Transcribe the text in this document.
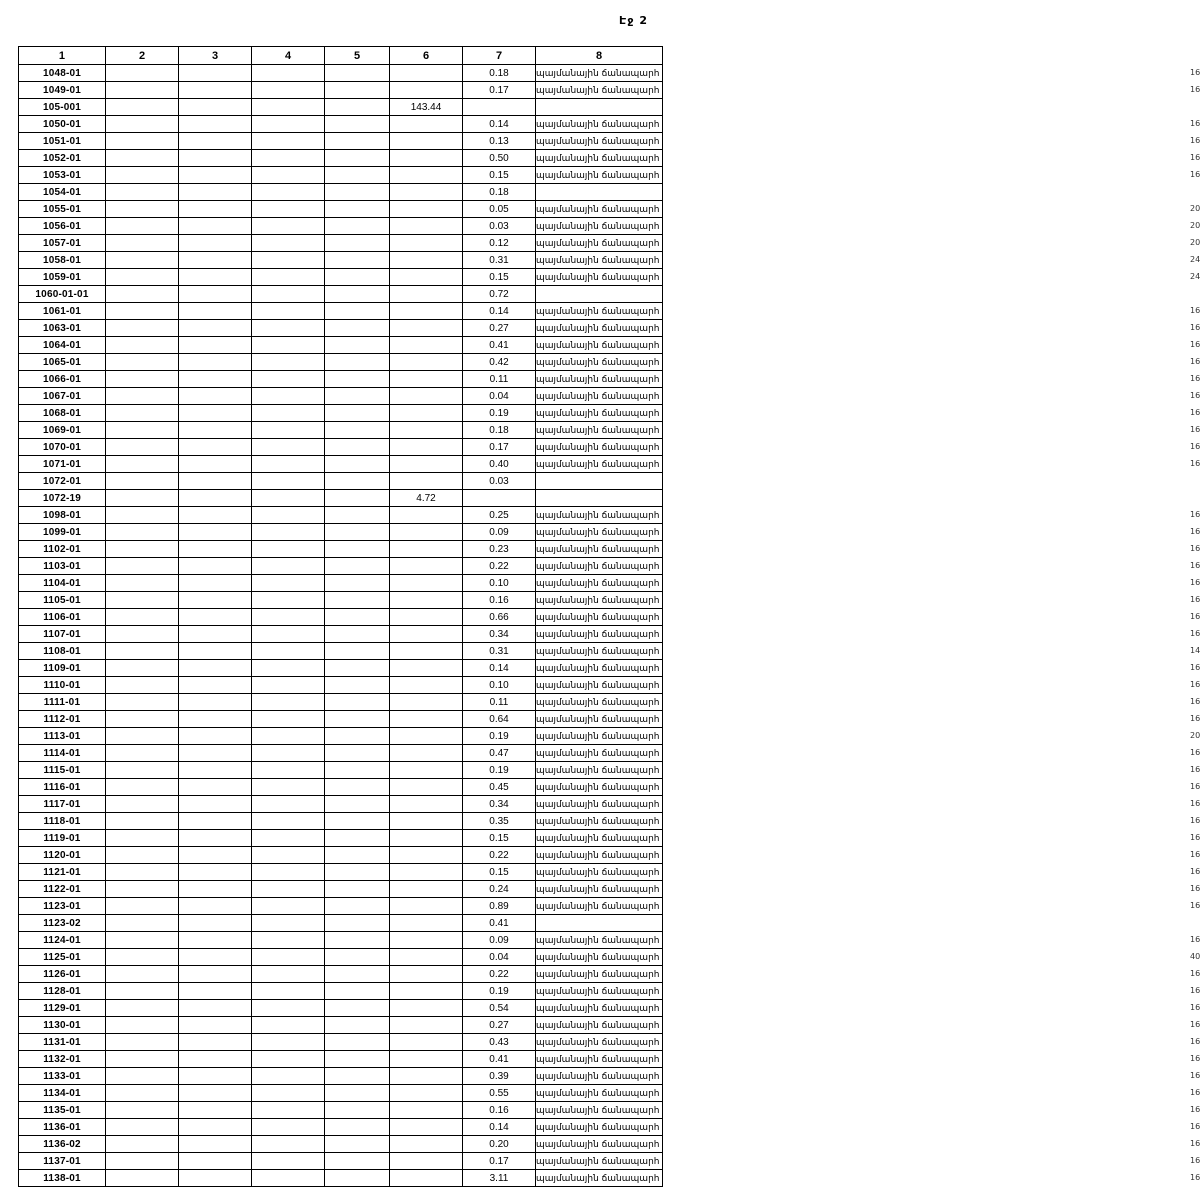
Էջ 2
1	2	3	4	5	6	7	8
1048-01						0.18	պայմանային ճանապարհ 16

1049-01						0.17	պայմանային ճանապարհ 16

105-001					143.44		

1050-01						0.14	պայմանային ճանապարհ 16

1051-01						0.13	պայմանային ճանապարհ 16

1052-01						0.50	պայմանային ճանապարհ 16

1053-01						0.15	պայմանային ճանապարհ 16

1054-01						0.18	

1055-01						0.05	պայմանային ճանապարհ 20

1056-01						0.03	պայմանային ճանապարհ 20

1057-01						0.12	պայմանային ճանապարհ 20

1058-01						0.31	պայմանային ճանապարհ 24

1059-01						0.15	պայմանային ճանապարհ 24

1060-01-01						0.72	

1061-01						0.14	պայմանային ճանապարհ 16

1063-01						0.27	պայմանային ճանապարհ 16

1064-01						0.41	պայմանային ճանապարհ 16

1065-01						0.42	պայմանային ճանապարհ 16

1066-01						0.11	պայմանային ճանապարհ 16

1067-01						0.04	պայմանային ճանապարհ 16

1068-01						0.19	պայմանային ճանապարհ 16

1069-01						0.18	պայմանային ճանապարհ 16

1070-01						0.17	պայմանային ճանապարհ 16

1071-01						0.40	պայմանային ճանապարհ 16

1072-01						0.03	

1072-19					4.72		

1098-01						0.25	պայմանային ճանապարհ 16

1099-01						0.09	պայմանային ճանապարհ 16

1102-01						0.23	պայմանային ճանապարհ 16

1103-01						0.22	պայմանային ճանապարհ 16

1104-01						0.10	պայմանային ճանապարհ 16

1105-01						0.16	պայմանային ճանապարհ 16

1106-01						0.66	պայմանային ճանապարհ 16

1107-01						0.34	պայմանային ճանապարհ 16

1108-01						0.31	պայմանային ճանապարհ 14

1109-01						0.14	պայմանային ճանապարհ 16

1110-01						0.10	պայմանային ճանապարհ 16

1111-01						0.11	պայմանային ճանապարհ 16

1112-01						0.64	պայմանային ճանապարհ 16

1113-01						0.19	պայմանային ճանապարհ 20

1114-01						0.47	պայմանային ճանապարհ 16

1115-01						0.19	պայմանային ճանապարհ 16

1116-01						0.45	պայմանային ճանապարհ 16

1117-01						0.34	պայմանային ճանապարհ 16

1118-01						0.35	պայմանային ճանապարհ 16

1119-01						0.15	պայմանային ճանապարհ 16

1120-01						0.22	պայմանային ճանապարհ 16

1121-01						0.15	պայմանային ճանապարհ 16

1122-01						0.24	պայմանային ճանապարհ 16

1123-01						0.89	պայմանային ճանապարհ 16

1123-02						0.41	

1124-01						0.09	պայմանային ճանապարհ 16

1125-01						0.04	պայմանային ճանապարհ 40

1126-01						0.22	պայմանային ճանապարհ 16

1128-01						0.19	պայմանային ճանապարհ 16

1129-01						0.54	պայմանային ճանապարհ 16

1130-01						0.27	պայմանային ճանապարհ 16

1131-01						0.43	պայմանային ճանապարհ 16

1132-01						0.41	պայմանային ճանապարհ 16

1133-01						0.39	պայմանային ճանապարհ 16

1134-01						0.55	պայմանային ճանապարհ 16

1135-01						0.16	պայմանային ճանապարհ 16

1136-01						0.14	պայմանային ճանապարհ 16

1136-02						0.20	պայմանային ճանապարհ 16

1137-01						0.17	պայմանային ճանապարհ 16

1138-01						3.11	պայմանային ճանապարհ 16
